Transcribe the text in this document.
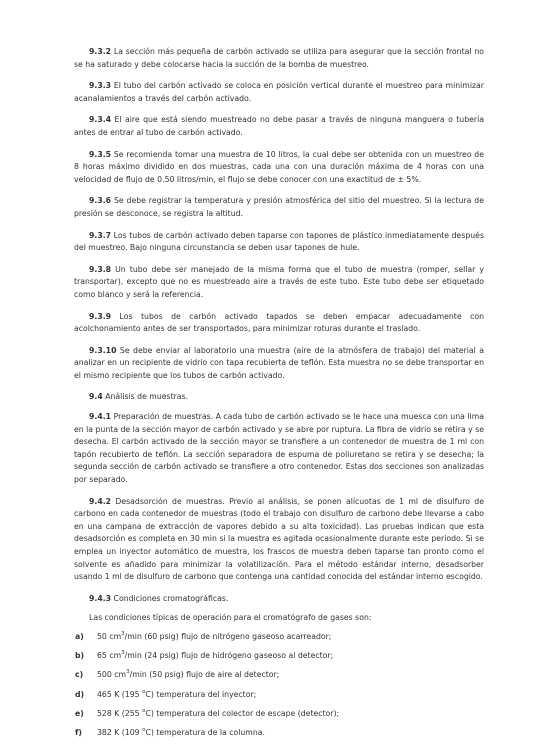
9.3.2 La sección más pequeña de carbón activado se utiliza para asegurar que la sección frontal no se ha saturado y debe colocarse hacia la succión de la bomba de muestreo.

9.3.3 El tubo del carbón activado se coloca en posición vertical durante el muestreo para minimizar acanalamientos a través del carbón activado.

9.3.4 El aire que está siendo muestreado no debe pasar a través de ninguna manguera o tubería antes de entrar al tubo de carbón activado.

9.3.5 Se recomienda tomar una muestra de 10 litros, la cual debe ser obtenida con un muestreo de 8 horas máximo dividido en dos muestras, cada una con una duración máxima de 4 horas con una velocidad de flujo de 0.50 litros/min, el flujo se debe conocer con una exactitud de ± 5%.

9.3.6 Se debe registrar la temperatura y presión atmosférica del sitio del muestreo. Si la lectura de presión se desconoce, se registra la altitud.

9.3.7 Los tubos de carbón activado deben taparse con tapones de plástico inmediatamente después del muestreo. Bajo ninguna circunstancia se deben usar tapones de hule.

9.3.8 Un tubo debe ser manejado de la misma forma que el tubo de muestra (romper, sellar y transportar), excepto que no es muestreado aire a través de este tubo. Este tubo debe ser etiquetado como blanco y será la referencia.

9.3.9 Los tubos de carbón activado tapados se deben empacar adecuadamente con acolchonamiento antes de ser transportados, para minimizar roturas durante el traslado.

9.3.10 Se debe enviar al laboratorio una muestra (aire de la atmósfera de trabajo) del material a analizar en un recipiente de vidrio con tapa recubierta de teflón. Esta muestra no se debe transportar en el mismo recipiente que los tubos de carbón activado.

9.4 Análisis de muestras.

9.4.1 Preparación de muestras. A cada tubo de carbón activado se le hace una muesca con una lima en la punta de la sección mayor de carbón activado y se abre por ruptura. La fibra de vidrio se retira y se desecha. El carbón activado de la sección mayor se transfiere a un contenedor de muestra de 1 ml con tapón recubierto de teflón. La sección separadora de espuma de poliuretano se retira y se desecha; la segunda sección de carbón activado se transfiere a otro contenedor. Estas dos secciones son analizadas por separado.

9.4.2 Desadsorción de muestras. Previo al análisis, se ponen alícuotas de 1 ml de disulfuro de carbono en cada contenedor de muestras (todo el trabajo con disulfuro de carbono debe llevarse a cabo en una campana de extracción de vapores debido a su alta toxicidad). Las pruebas indican que esta desadsorción es completa en 30 min si la muestra es agitada ocasionalmente durante este periodo. Si se emplea un inyector automático de muestra, los frascos de muestra deben taparse tan pronto como el solvente es añadido para minimizar la volatilización. Para el método estándar interno, desadsorber usando 1 ml de disulfuro de carbono que contenga una cantidad conocida del estándar interno escogido.

9.4.3 Condiciones cromatográficas.

Las condiciones típicas de operación para el cromatógrafo de gases son:

a)	50 $cm^3/\min$ (60 psig) flujo de nitrógeno gaseoso acarreador;
b)	65 $cm^3/\min$ (24 psig) flujo de hidrógeno gaseoso al detector;
c)	500 $cm^3/\min$ (50 psig) flujo de aire al detector;
d)	465 K (195 $^o$C) temperatura del inyector;
e)	528 K (255 $^o$C) temperatura del colector de escape (detector);
f)	382 K (109 $^o$C) temperatura de la columna.
